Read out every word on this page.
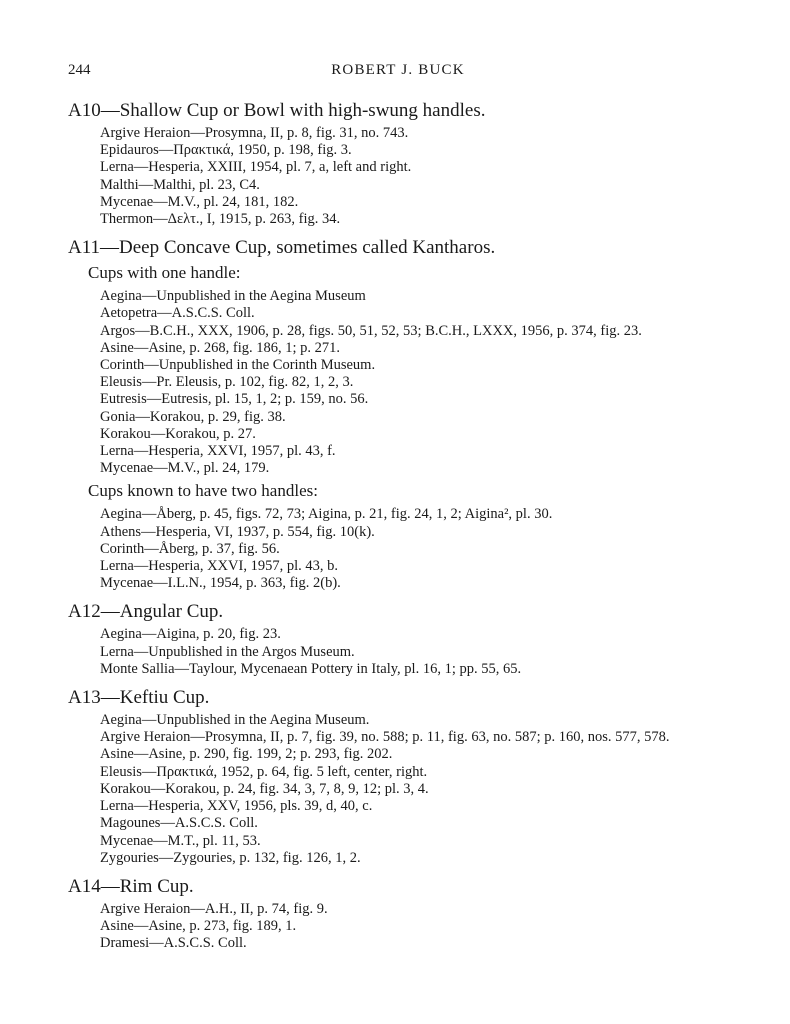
244	ROBERT J. BUCK
A10—Shallow Cup or Bowl with high-swung handles.
Argive Heraion—Prosymna, II, p. 8, fig. 31, no. 743.
Epidauros—Πρακτικά, 1950, p. 198, fig. 3.
Lerna—Hesperia, XXIII, 1954, pl. 7, a, left and right.
Malthi—Malthi, pl. 23, C4.
Mycenae—M.V., pl. 24, 181, 182.
Thermon—Δελτ., I, 1915, p. 263, fig. 34.
A11—Deep Concave Cup, sometimes called Kantharos.
Cups with one handle:
Aegina—Unpublished in the Aegina Museum
Aetopetra—A.S.C.S. Coll.
Argos—B.C.H., XXX, 1906, p. 28, figs. 50, 51, 52, 53; B.C.H., LXXX, 1956, p. 374, fig. 23.
Asine—Asine, p. 268, fig. 186, 1; p. 271.
Corinth—Unpublished in the Corinth Museum.
Eleusis—Pr. Eleusis, p. 102, fig. 82, 1, 2, 3.
Eutresis—Eutresis, pl. 15, 1, 2; p. 159, no. 56.
Gonia—Korakou, p. 29, fig. 38.
Korakou—Korakou, p. 27.
Lerna—Hesperia, XXVI, 1957, pl. 43, f.
Mycenae—M.V., pl. 24, 179.
Cups known to have two handles:
Aegina—Åberg, p. 45, figs. 72, 73; Aigina, p. 21, fig. 24, 1, 2; Aigina², pl. 30.
Athens—Hesperia, VI, 1937, p. 554, fig. 10(k).
Corinth—Åberg, p. 37, fig. 56.
Lerna—Hesperia, XXVI, 1957, pl. 43, b.
Mycenae—I.L.N., 1954, p. 363, fig. 2(b).
A12—Angular Cup.
Aegina—Aigina, p. 20, fig. 23.
Lerna—Unpublished in the Argos Museum.
Monte Sallia—Taylour, Mycenaean Pottery in Italy, pl. 16, 1; pp. 55, 65.
A13—Keftiu Cup.
Aegina—Unpublished in the Aegina Museum.
Argive Heraion—Prosymna, II, p. 7, fig. 39, no. 588; p. 11, fig. 63, no. 587; p. 160, nos. 577, 578.
Asine—Asine, p. 290, fig. 199, 2; p. 293, fig. 202.
Eleusis—Πρακτικά, 1952, p. 64, fig. 5 left, center, right.
Korakou—Korakou, p. 24, fig. 34, 3, 7, 8, 9, 12; pl. 3, 4.
Lerna—Hesperia, XXV, 1956, pls. 39, d, 40, c.
Magounes—A.S.C.S. Coll.
Mycenae—M.T., pl. 11, 53.
Zygouries—Zygouries, p. 132, fig. 126, 1, 2.
A14—Rim Cup.
Argive Heraion—A.H., II, p. 74, fig. 9.
Asine—Asine, p. 273, fig. 189, 1.
Dramesi—A.S.C.S. Coll.
